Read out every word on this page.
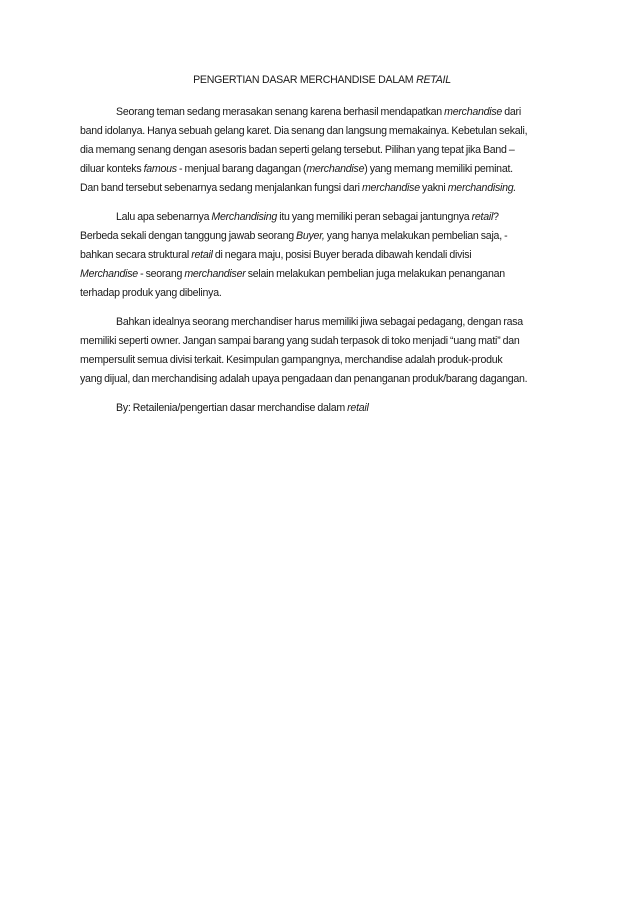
PENGERTIAN DASAR MERCHANDISE DALAM RETAIL
Seorang teman sedang merasakan senang karena berhasil mendapatkan merchandise dari
band idolanya. Hanya sebuah gelang karet. Dia senang dan langsung memakainya. Kebetulan sekali,
dia memang senang dengan asesoris badan seperti gelang tersebut. Pilihan yang tepat jika Band –
diluar konteks famous - menjual barang dagangan (merchandise) yang memang memiliki peminat.
Dan band tersebut sebenarnya sedang menjalankan fungsi dari merchandise yakni merchandising.
Lalu apa sebenarnya Merchandising itu yang memiliki peran sebagai jantungnya retail?
Berbeda sekali dengan tanggung jawab seorang Buyer, yang hanya melakukan pembelian saja, -
bahkan secara struktural retail di negara maju, posisi Buyer berada dibawah kendali divisi
Merchandise - seorang merchandiser selain melakukan pembelian juga melakukan penanganan
terhadap produk yang dibelinya.
Bahkan idealnya seorang merchandiser harus memiliki jiwa sebagai pedagang, dengan rasa
memiliki seperti owner. Jangan sampai barang yang sudah terpasok di toko menjadi “uang mati” dan
mempersulit semua divisi terkait. Kesimpulan gampangnya, merchandise adalah produk-produk
yang dijual, dan merchandising adalah upaya pengadaan dan penanganan produk/barang dagangan.
By: Retailenia/pengertian dasar merchandise dalam retail
